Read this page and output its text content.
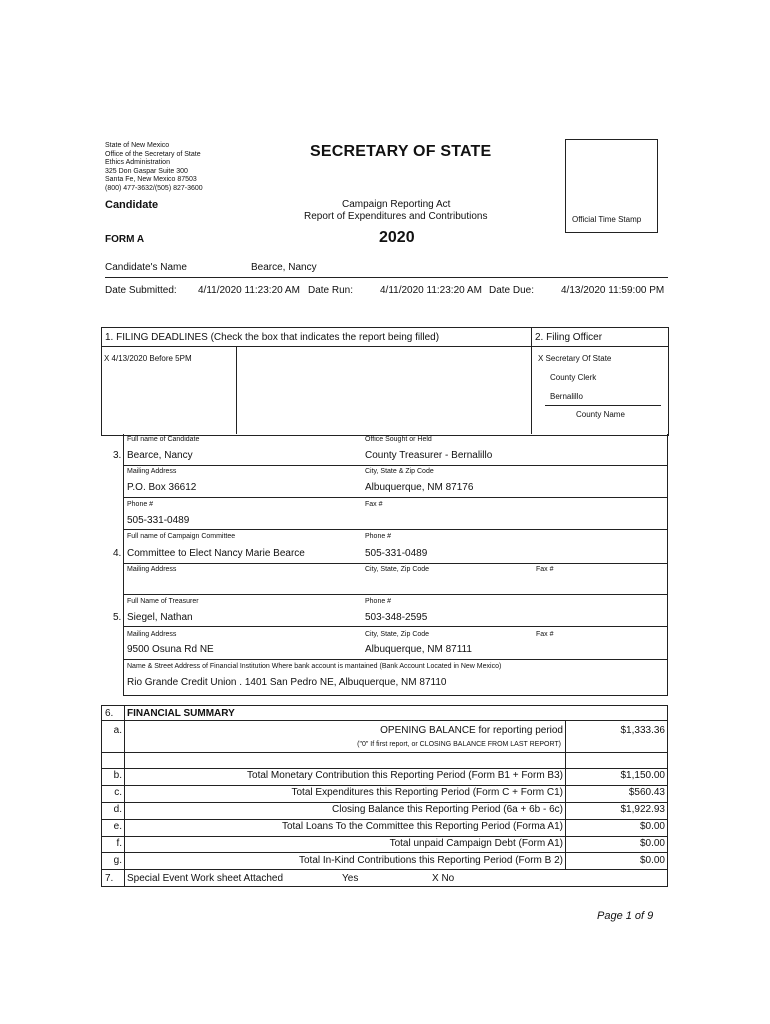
State of New Mexico
Office of the Secretary of State
Ethics Administration
325 Don Gaspar Suite 300
Santa Fe, New Mexico 87503
(800) 477-3632/(505) 827-3600
SECRETARY OF STATE
Campaign Reporting Act
Report of Expenditures and Contributions
2020
Candidate
FORM A
Official Time Stamp
Candidate's Name	Bearce, Nancy
Date Submitted: 4/11/2020 11:23:20 AM Date Run:	4/11/2020 11:23:20 AM Date Due:	4/13/2020 11:59:00 PM
1. FILING DEADLINES (Check the box that indicates the report being filled)	2. Filing Officer
X 4/13/2020 Before 5PM	X Secretary Of State
County Clerk
Bernalillo
County Name
3.
Full name of Candidate
Bearce, Nancy
Office Sought or Held
County Treasurer - Bernalillo
Mailing Address
P.O. Box 36612
City, State & Zip Code
Albuquerque, NM 87176
Phone #
505-331-0489
Fax #
4.
Full name of Campaign Committee
Committee to Elect Nancy Marie Bearce
Phone #
505-331-0489
Mailing Address	City, State, Zip Code	Fax #
5.
Full Name of Treasurer
Siegel, Nathan
Phone #
503-348-2595
Mailing Address
9500 Osuna Rd NE
City, State, Zip Code
Albuquerque, NM 87111
Fax #
Name & Street Address of Financial Institution Where bank account is mantained (Bank Account Located in New Mexico)
Rio Grande Credit Union . 1401 San Pedro NE, Albuquerque, NM 87110
6. FINANCIAL SUMMARY
a.	OPENING BALANCE for reporting period	$1,333.36
("0" If first report, or CLOSING BALANCE FROM LAST REPORT)
b.	Total Monetary Contribution this Reporting Period (Form B1 + Form B3)	$1,150.00
c.	Total Expenditures this Reporting Period (Form C + Form C1)	$560.43
d.	Closing Balance this Reporting Period (6a + 6b - 6c)	$1,922.93
e.	Total Loans To the Committee this Reporting Period (Forma A1)	$0.00
f.	Total unpaid Campaign Debt (Form A1)	$0.00
g.	Total In-Kind Contributions this Reporting Period (Form B 2)	$0.00
7. Special Event Work sheet Attached	Yes	X No
Page 1 of 9
